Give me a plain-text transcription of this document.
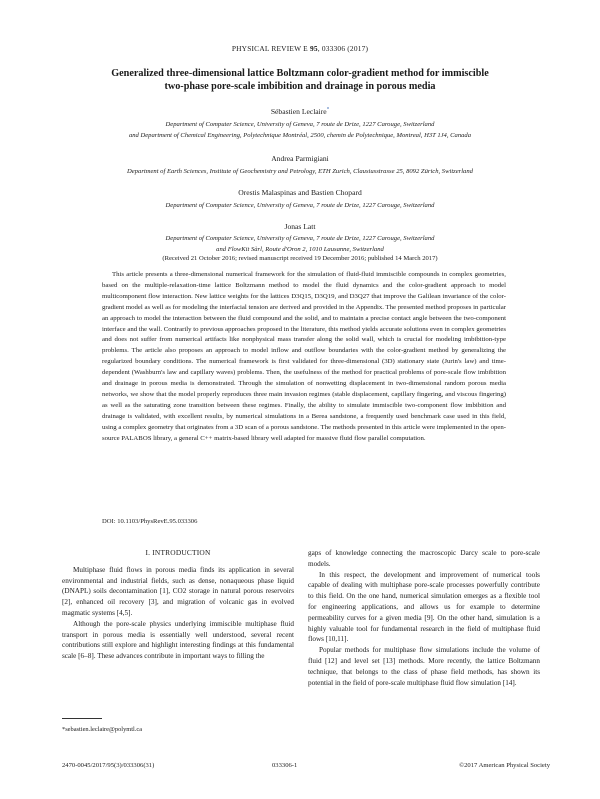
PHYSICAL REVIEW E 95, 033306 (2017)
Generalized three-dimensional lattice Boltzmann color-gradient method for immiscible
two-phase pore-scale imbibition and drainage in porous media
Sébastien Leclaire*
Department of Computer Science, University of Geneva, 7 route de Drize, 1227 Carouge, Switzerland
and Department of Chemical Engineering, Polytechnique Montréal, 2500, chemin de Polytechnique, Montreal, H3T 1J4, Canada
Andrea Parmigiani
Department of Earth Sciences, Institute of Geochemistry and Petrology, ETH Zurich, Clausiusstrasse 25, 8092 Zürich, Switzerland
Orestis Malaspinas and Bastien Chopard
Department of Computer Science, University of Geneva, 7 route de Drize, 1227 Carouge, Switzerland
Jonas Latt
Department of Computer Science, University of Geneva, 7 route de Drize, 1227 Carouge, Switzerland
and FlowKit Sàrl, Route d'Oron 2, 1010 Lausanne, Switzerland
(Received 21 October 2016; revised manuscript received 19 December 2016; published 14 March 2017)

This article presents a three-dimensional numerical framework for the simulation of fluid-fluid immiscible compounds in complex geometries, based on the multiple-relaxation-time lattice Boltzmann method to model the fluid dynamics and the color-gradient approach to model multicomponent flow interaction. New lattice weights for the lattices D3Q15, D3Q19, and D3Q27 that improve the Galilean invariance of the color-gradient model as well as for modeling the interfacial tension are derived and provided in the Appendix. The presented method proposes in particular an approach to model the interaction between the fluid compound and the solid, and to maintain a precise contact angle between the two-component interface and the wall. Contrarily to previous approaches proposed in the literature, this method yields accurate solutions even in complex geometries and does not suffer from numerical artifacts like nonphysical mass transfer along the solid wall, which is crucial for modeling imbibition-type problems. The article also proposes an approach to model inflow and outflow boundaries with the color-gradient method by generalizing the regularized boundary conditions. The numerical framework is first validated for three-dimensional (3D) stationary state (Jurin's law) and time-dependent (Washburn's law and capillary waves) problems. Then, the usefulness of the method for practical problems of pore-scale flow imbibition and drainage in porous media is demonstrated. Through the simulation of nonwetting displacement in two-dimensional random porous media networks, we show that the model properly reproduces three main invasion regimes (stable displacement, capillary fingering, and viscous fingering) as well as the saturating zone transition between these regimes. Finally, the ability to simulate immiscible two-component flow imbibition and drainage is validated, with excellent results, by numerical simulations in a Berea sandstone, a frequently used benchmark case used in this field, using a complex geometry that originates from a 3D scan of a porous sandstone. The methods presented in this article were implemented in the open-source PALABOS library, a general C++ matrix-based library well adapted for massive fluid flow parallel computation.

DOI: 10.1103/PhysRevE.95.033306

I. INTRODUCTION

Multiphase fluid flows in porous media finds its application in several environmental and industrial fields, such as dense, nonaqueous phase liquid (DNAPL) soils decontamination [1], CO2 storage in natural porous reservoirs [2], enhanced oil recovery [3], and migration of volcanic gas in evolved magmatic systems [4,5].

Although the pore-scale physics underlying immiscible multiphase fluid transport in porous media is essentially well understood, several recent contributions still explore and highlight interesting findings at this fundamental scale [6–8]. These advances contribute in important ways to filling the

gaps of knowledge connecting the macroscopic Darcy scale to pore-scale models.

In this respect, the development and improvement of numerical tools capable of dealing with multiphase pore-scale processes powerfully contribute to this field. On the one hand, numerical simulation emerges as a flexible tool for engineering applications, and allows us for example to determine permeability curves for a given media [9]. On the other hand, simulation is a highly valuable tool for fundamental research in the field of multiphase fluid flows [10,11].

Popular methods for multiphase flow simulations include the volume of fluid [12] and level set [13] methods. More recently, the lattice Boltzmann technique, that belongs to the class of phase field methods, has shown its potential in the field of pore-scale multiphase fluid flow simulation [14].

*sebastien.leclaire@polymtl.ca
2470-0045/2017/95(3)/033306(31)	033306-1	©2017 American Physical Society
